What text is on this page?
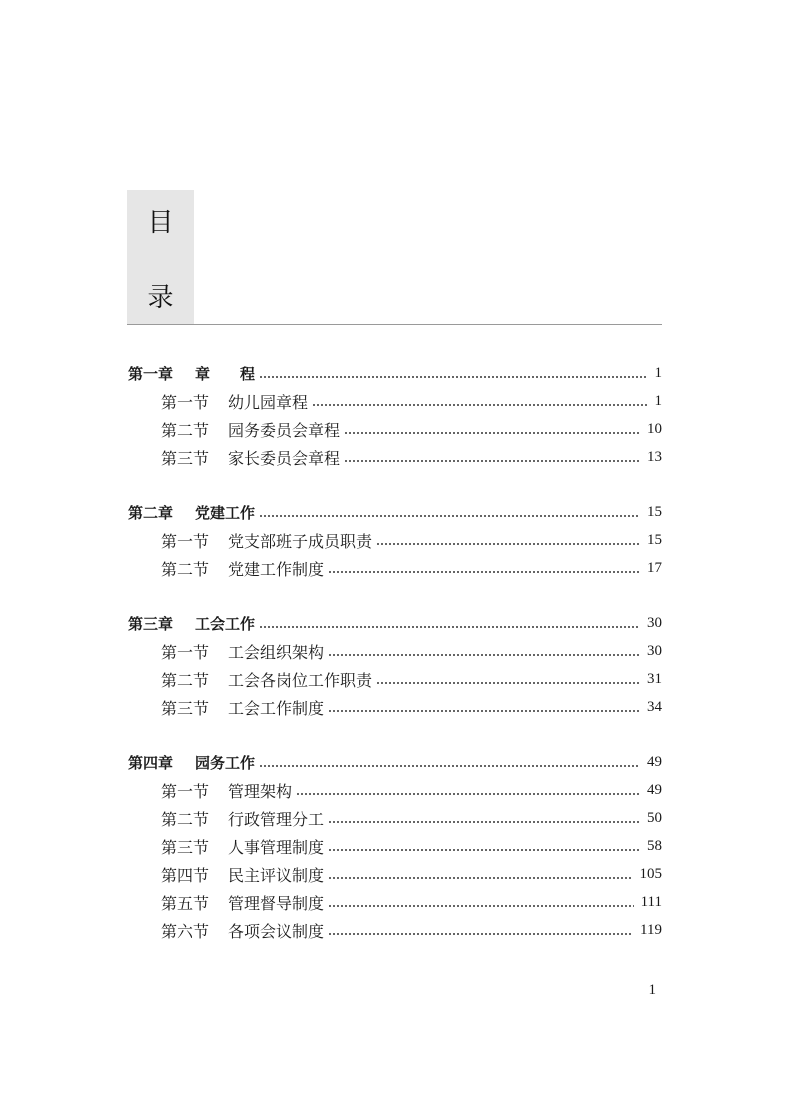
目
录
第一章	章　　程	1
第一节	幼儿园章程	1
第二节	园务委员会章程	10
第三节	家长委员会章程	13
第二章	党建工作	15
第一节	党支部班子成员职责	15
第二节	党建工作制度	17
第三章	工会工作	30
第一节	工会组织架构	30
第二节	工会各岗位工作职责	31
第三节	工会工作制度	34
第四章	园务工作	49
第一节	管理架构	49
第二节	行政管理分工	50
第三节	人事管理制度	58
第四节	民主评议制度	105
第五节	管理督导制度	111
第六节	各项会议制度	119
1
